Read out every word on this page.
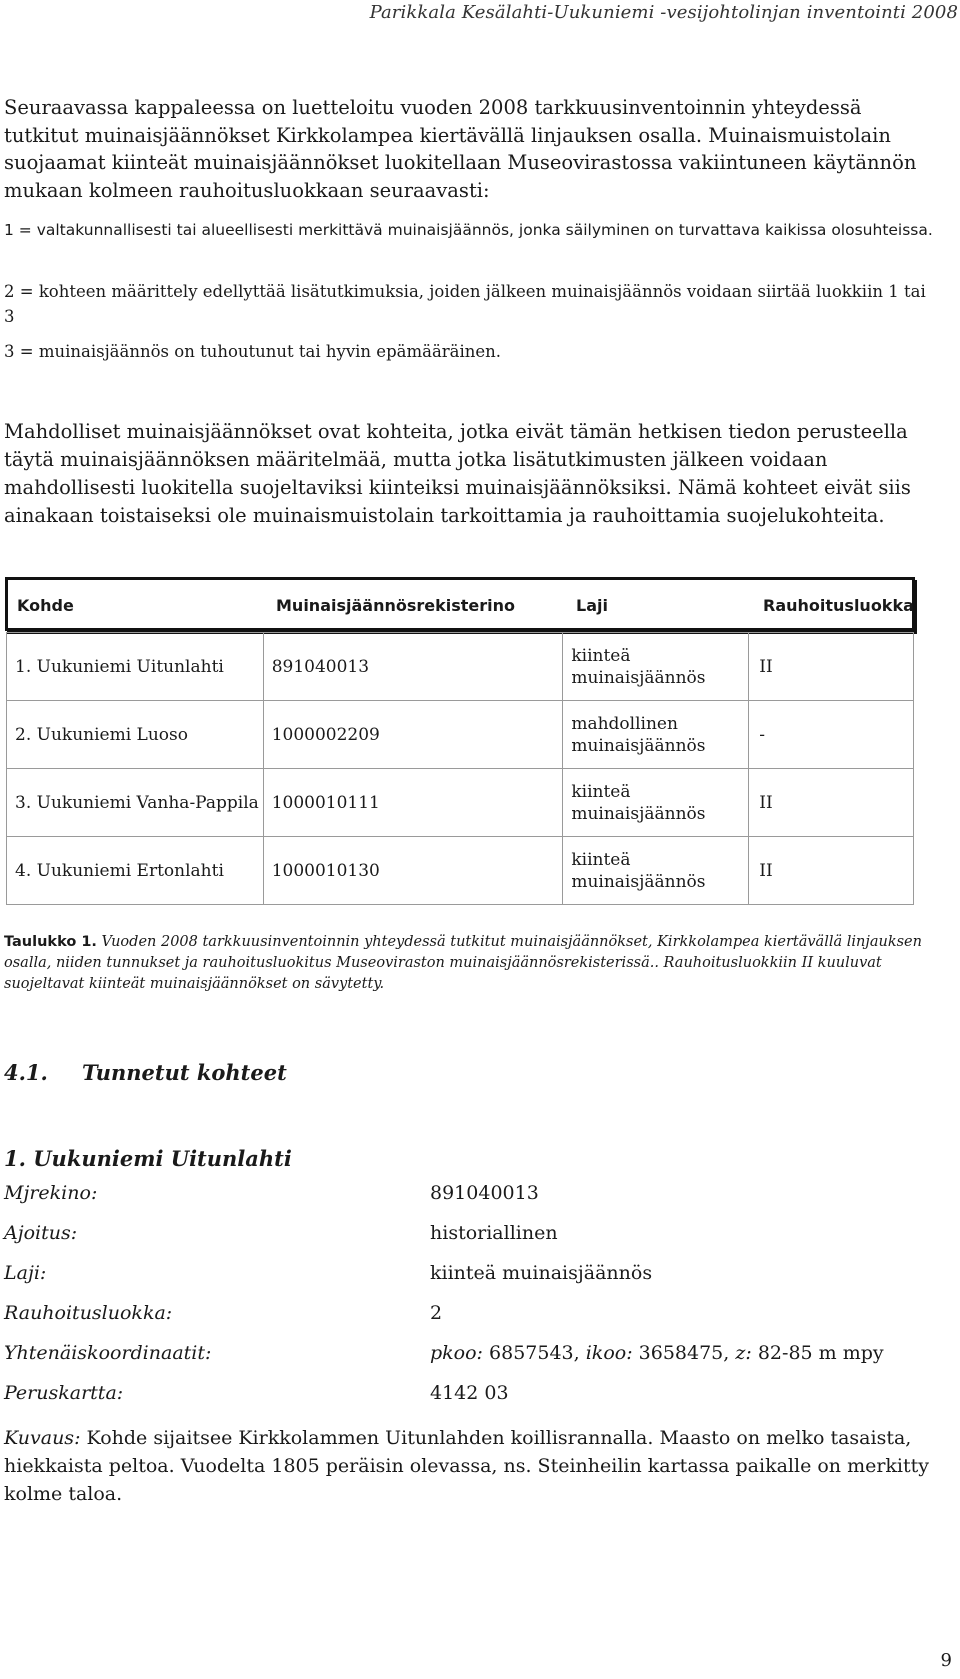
Parikkala Kesälahti-Uukuniemi -vesijohtolinjan inventointi 2008

Seuraavassa kappaleessa on luetteloitu vuoden 2008 tarkkuusinventoinnin yhteydessä tutkitut muinaisjäännökset Kirkkolampea kiertävällä linjauksen osalla. Muinaismuistolain suojaamat kiinteät muinaisjäännökset luokitellaan Museovirastossa vakiintuneen käytännön mukaan kolmeen rauhoitusluokkaan seuraavasti:

1 = valtakunnallisesti tai alueellisesti merkittävä muinaisjäännös, jonka säilyminen on turvattava kaikissa olosuhteissa.

2 = kohteen määrittely edellyttää lisätutkimuksia, joiden jälkeen muinaisjäännös voidaan siirtää luokkiin 1 tai 3

3 = muinaisjäännös on tuhoutunut tai hyvin epämääräinen.

Mahdolliset muinaisjäännökset ovat kohteita, jotka eivät tämän hetkisen tiedon perusteella täytä muinaisjäännöksen määritelmää, mutta jotka lisätutkimusten jälkeen voidaan mahdollisesti luokitella suojeltaviksi kiinteiksi muinaisjäännöksiksi. Nämä kohteet eivät siis ainakaan toistaiseksi ole muinaismuistolain tarkoittamia ja rauhoittamia suojelukohteita.

Kohde	Muinaisjäännösrekisterino	Laji	Rauhoitusluokka
1. Uukuniemi Uitunlahti	891040013	kiinteä muinaisjäännös	II
2. Uukuniemi Luoso	1000002209	mahdollinen muinaisjäännös	-
3. Uukuniemi Vanha-Pappila	1000010111	kiinteä muinaisjäännös	II
4. Uukuniemi Ertonlahti	1000010130	kiinteä muinaisjäännös	II

Taulukko 1. Vuoden 2008 tarkkuusinventoinnin yhteydessä tutkitut muinaisjäännökset, Kirkkolampea kiertävällä linjauksen osalla, niiden tunnukset ja rauhoitusluokitus Museoviraston muinaisjäännösrekisterissä.. Rauhoitusluokkiin II kuuluvat suojeltavat kiinteät muinaisjäännökset on sävytetty.

4.1. Tunnetut kohteet
1. Uukuniemi Uitunlahti
Mjrekino:	891040013
Ajoitus:	historiallinen
Laji:	kiinteä muinaisjäännös
Rauhoitusluokka:	2
Yhtenäiskoordinaatit:	pkoo: 6857543, ikoo: 3658475, z: 82-85 m mpy
Peruskartta:	4142 03

Kuvaus: Kohde sijaitsee Kirkkolammen Uitunlahden koillisrannalla. Maasto on melko tasaista, hiekkaista peltoa. Vuodelta 1805 peräisin olevassa, ns. Steinheilin kartassa paikalle on merkitty kolme taloa.

9
